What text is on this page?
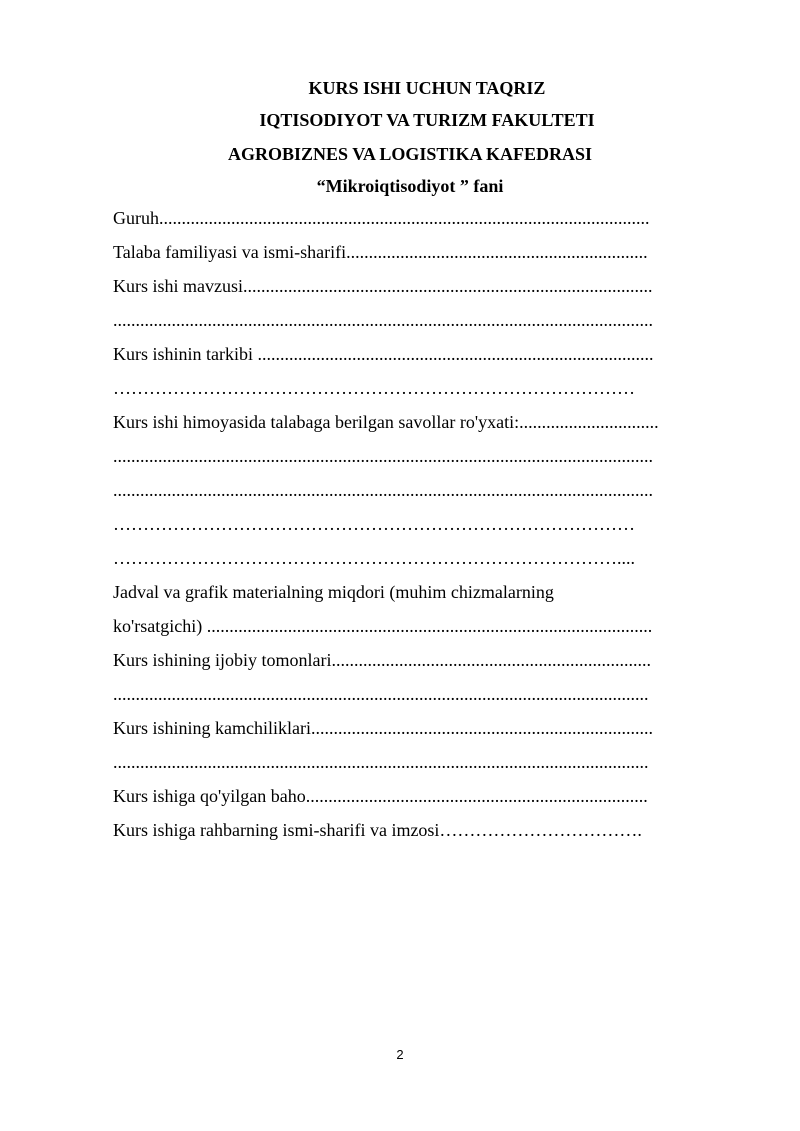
KURS ISHI UCHUN TAQRIZ
IQTISODIYOT VA TURIZM FAKULTETI
AGROBIZNES VA LOGISTIKA KAFEDRASI
“Mikroiqtisodiyot ” fani
Guruh.............................................................................................................
Talaba familiyasi va ismi-sharifi...................................................................
Kurs ishi mavzusi...........................................................................................
........................................................................................................................
Kurs ishinin tarkibi ........................................................................................
……………………………………………………………………………
Kurs ishi himoyasida talabaga berilgan savollar ro'yxati:...............................
........................................................................................................................
........................................................................................................................
……………………………………………………………………………
…………………………………………………………………………....
Jadval va grafik materialning miqdori (muhim chizmalarning
ko'rsatgichi) ...................................................................................................
Kurs ishining ijobiy tomonlari.......................................................................
.......................................................................................................................
Kurs ishining kamchiliklari............................................................................
.......................................................................................................................
Kurs ishiga qo'yilgan baho............................................................................
Kurs ishiga rahbarning ismi-sharifi va imzosi…………………………….
2
